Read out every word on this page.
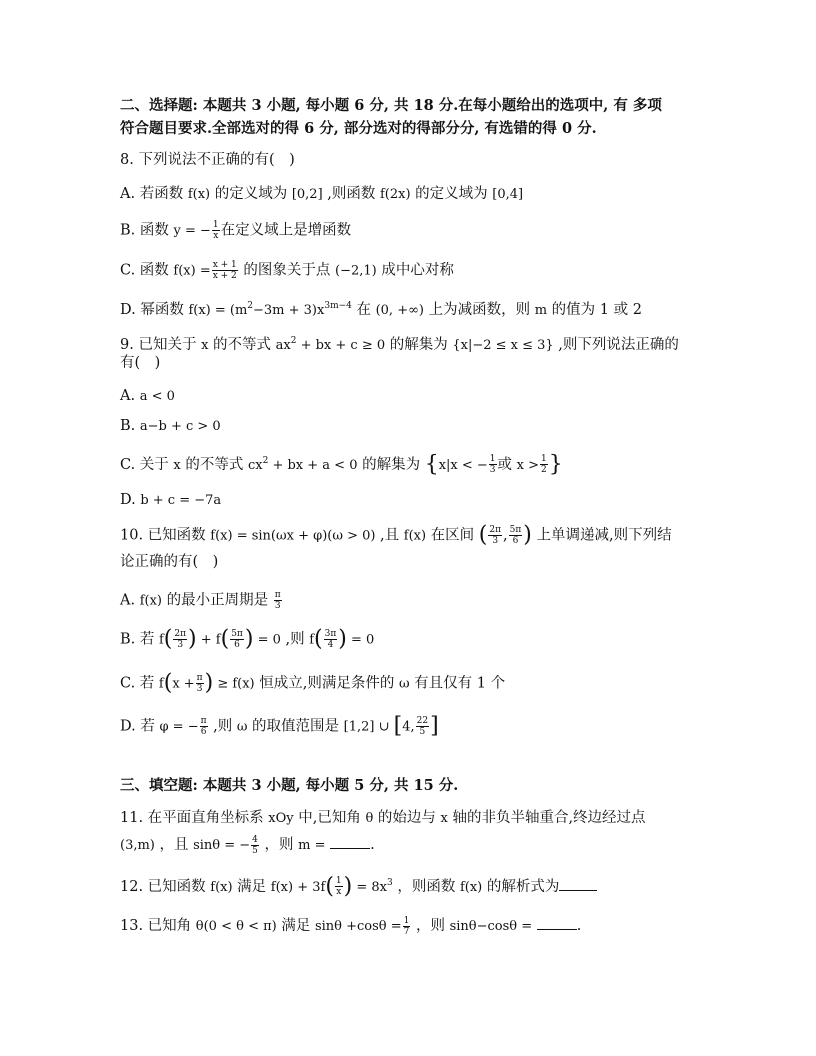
二、选择题: 本题共 3 小题, 每小题 6 分, 共 18 分.在每小题给出的选项中, 有 多项
符合题目要求.全部选对的得 6 分, 部分选对的得部分分, 有选错的得 0 分.
8. 下列说法不正确的有(　)
A. 若函数 f(x) 的定义域为 [0,2] ,则函数 f(2x) 的定义域为 [0,4]
B. 函数 y = − $\frac{1}{x}$ 在定义域上是增函数
C. 函数 $f(x) = \frac{x + 1}{x + 2}$ 的图象关于点 (−2,1) 成中心对称
D. 幂函数 $f(x) = (m^2-3m + 3)x^{3m-4}$ 在 (0, +∞) 上为减函数，则 m 的值为 1 或 2
9. 已知关于 x 的不等式 $ax^2$ + bx + c ≥ 0 的解集为 {x|−2 ≤ x ≤ 3} ,则下列说法正确的
有(　)
A. a < 0
B. a−b + c > 0
C. 关于 x 的不等式 $cx^2$ + bx + a < 0 的解集为 {x|x < − $\frac{1}{3}$ 或 $x > \frac{1}{2}$ }
D. b + c = −7a
10. 已知函数 f(x) = sin(ωx + φ)(ω > 0) ,且 f(x) 在区间 ( $\frac{2\pi}{3}$ , $\frac{5\pi}{6}$ ) 上单调递减,则下列结
论正确的有(　)
A. f(x) 的最小正周期是 $\frac{\pi}{3}$
B. 若 $f( \frac{2\pi}{3}$ ) + $f( \frac{5\pi}{6}$ ) = 0 ,则 $f( \frac{3\pi}{4}$ ) = 0
C. 若 $f(x + \frac{\pi}{3}$ ) ≥ f(x) 恒成立,则满足条件的 ω 有且仅有 1 个
D. 若 φ = − $\frac{\pi}{6}$ ,则 ω 的取值范围是 [1,2] ∪ [4, $\frac{22}{5}$ ]
三、填空题: 本题共 3 小题, 每小题 5 分, 共 15 分.
11. 在平面直角坐标系 xOy 中,已知角 θ 的始边与 x 轴的非负半轴重合,终边经过点
(3,m) ，且 sinθ = − $\frac{4}{5}$ ，则 m =	.
12. 已知函数 f(x) 满足 $f(x) + 3f( \frac{1}{x}$ ) = $8x^3$ ，则函数 f(x) 的解析式为
13. 已知角 θ(0 < θ < π) 满足 $\sin\theta +\cos\theta = \frac{1}{7}$ ，则 sinθ−cosθ =	.
